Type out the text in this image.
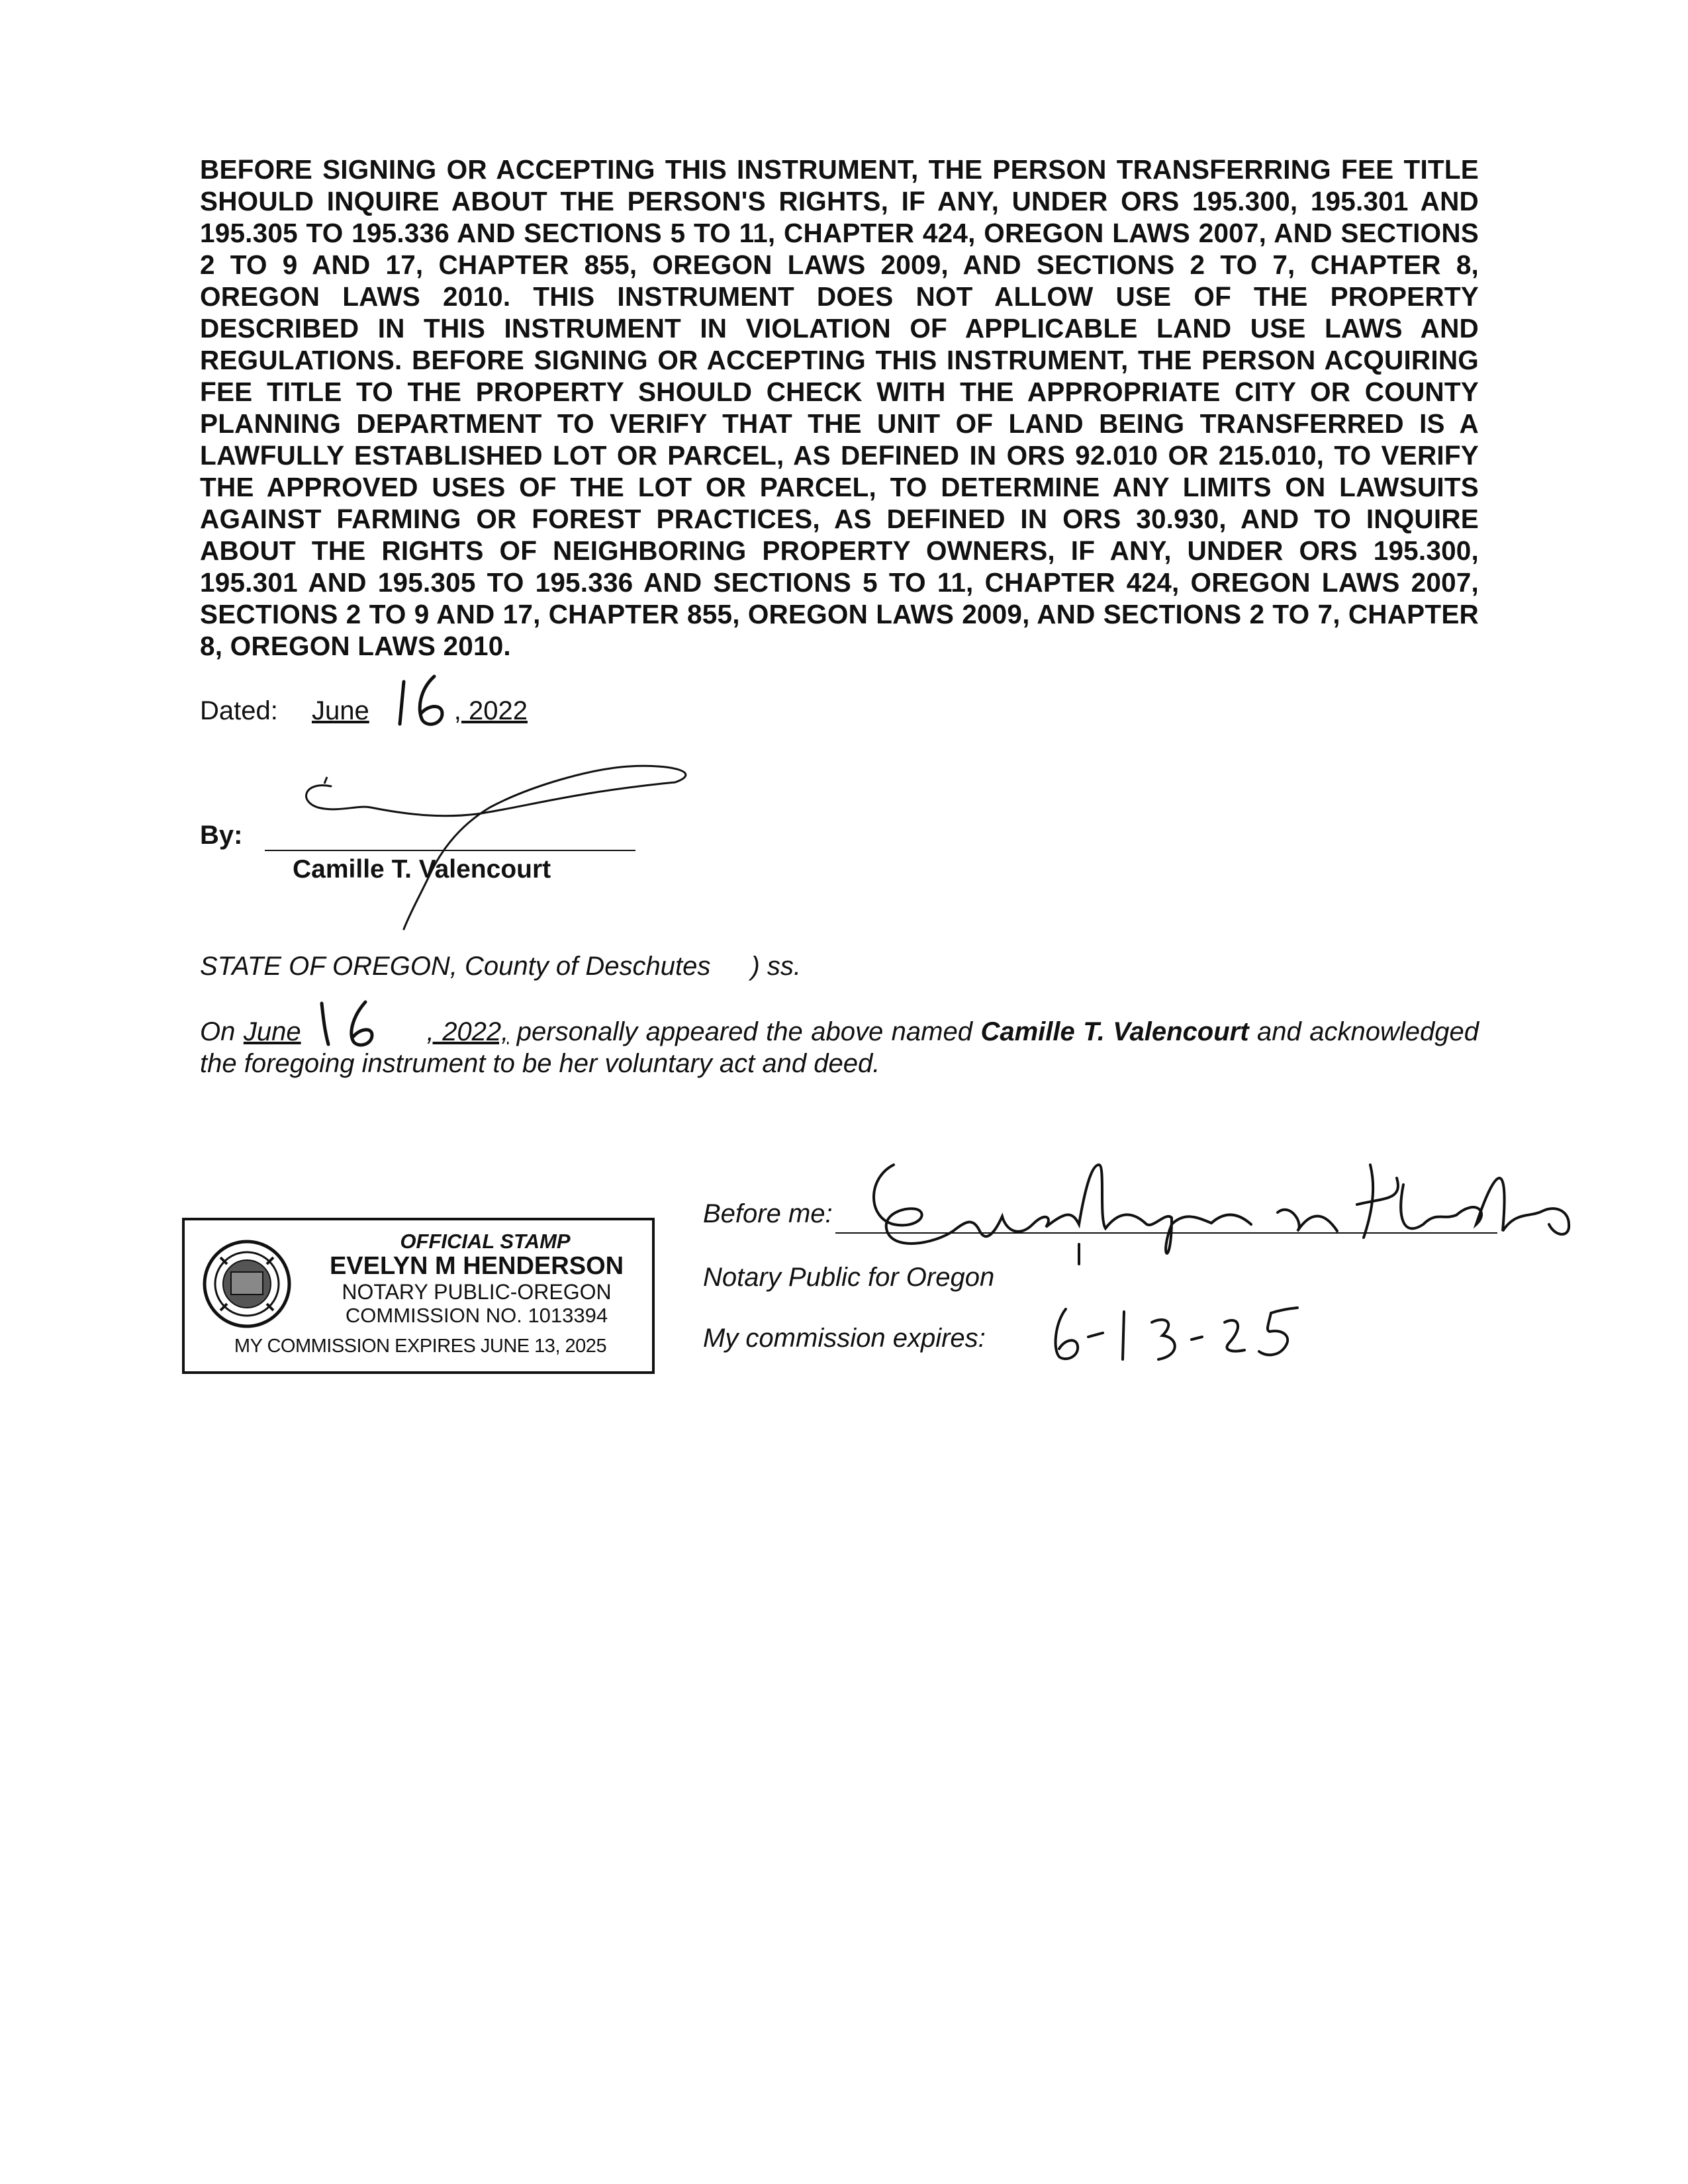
BEFORE SIGNING OR ACCEPTING THIS INSTRUMENT, THE PERSON TRANSFERRING FEE TITLE SHOULD INQUIRE ABOUT THE PERSON'S RIGHTS, IF ANY, UNDER ORS 195.300, 195.301 AND 195.305 TO 195.336 AND SECTIONS 5 TO 11, CHAPTER 424, OREGON LAWS 2007, AND SECTIONS 2 TO 9 AND 17, CHAPTER 855, OREGON LAWS 2009, AND SECTIONS 2 TO 7, CHAPTER 8, OREGON LAWS 2010. THIS INSTRUMENT DOES NOT ALLOW USE OF THE PROPERTY DESCRIBED IN THIS INSTRUMENT IN VIOLATION OF APPLICABLE LAND USE LAWS AND REGULATIONS. BEFORE SIGNING OR ACCEPTING THIS INSTRUMENT, THE PERSON ACQUIRING FEE TITLE TO THE PROPERTY SHOULD CHECK WITH THE APPROPRIATE CITY OR COUNTY PLANNING DEPARTMENT TO VERIFY THAT THE UNIT OF LAND BEING TRANSFERRED IS A LAWFULLY ESTABLISHED LOT OR PARCEL, AS DEFINED IN ORS 92.010 OR 215.010, TO VERIFY THE APPROVED USES OF THE LOT OR PARCEL, TO DETERMINE ANY LIMITS ON LAWSUITS AGAINST FARMING OR FOREST PRACTICES, AS DEFINED IN ORS 30.930, AND TO INQUIRE ABOUT THE RIGHTS OF NEIGHBORING PROPERTY OWNERS, IF ANY, UNDER ORS 195.300, 195.301 AND 195.305 TO 195.336 AND SECTIONS 5 TO 11, CHAPTER 424, OREGON LAWS 2007, SECTIONS 2 TO 9 AND 17, CHAPTER 855, OREGON LAWS 2009, AND SECTIONS 2 TO 7, CHAPTER 8, OREGON LAWS 2010.
Dated: June	, 2022
By:
Camille T. Valencourt
STATE OF OREGON, County of Deschutes ) ss.
On June	, 2022, personally appeared the above named Camille T. Valencourt and acknowledged the foregoing instrument to be her voluntary act and deed.
OFFICIAL STAMP
EVELYN M HENDERSON
NOTARY PUBLIC-OREGON
COMMISSION NO. 1013394
MY COMMISSION EXPIRES JUNE 13, 2025
Before me:
Notary Public for Oregon
My commission expires:
